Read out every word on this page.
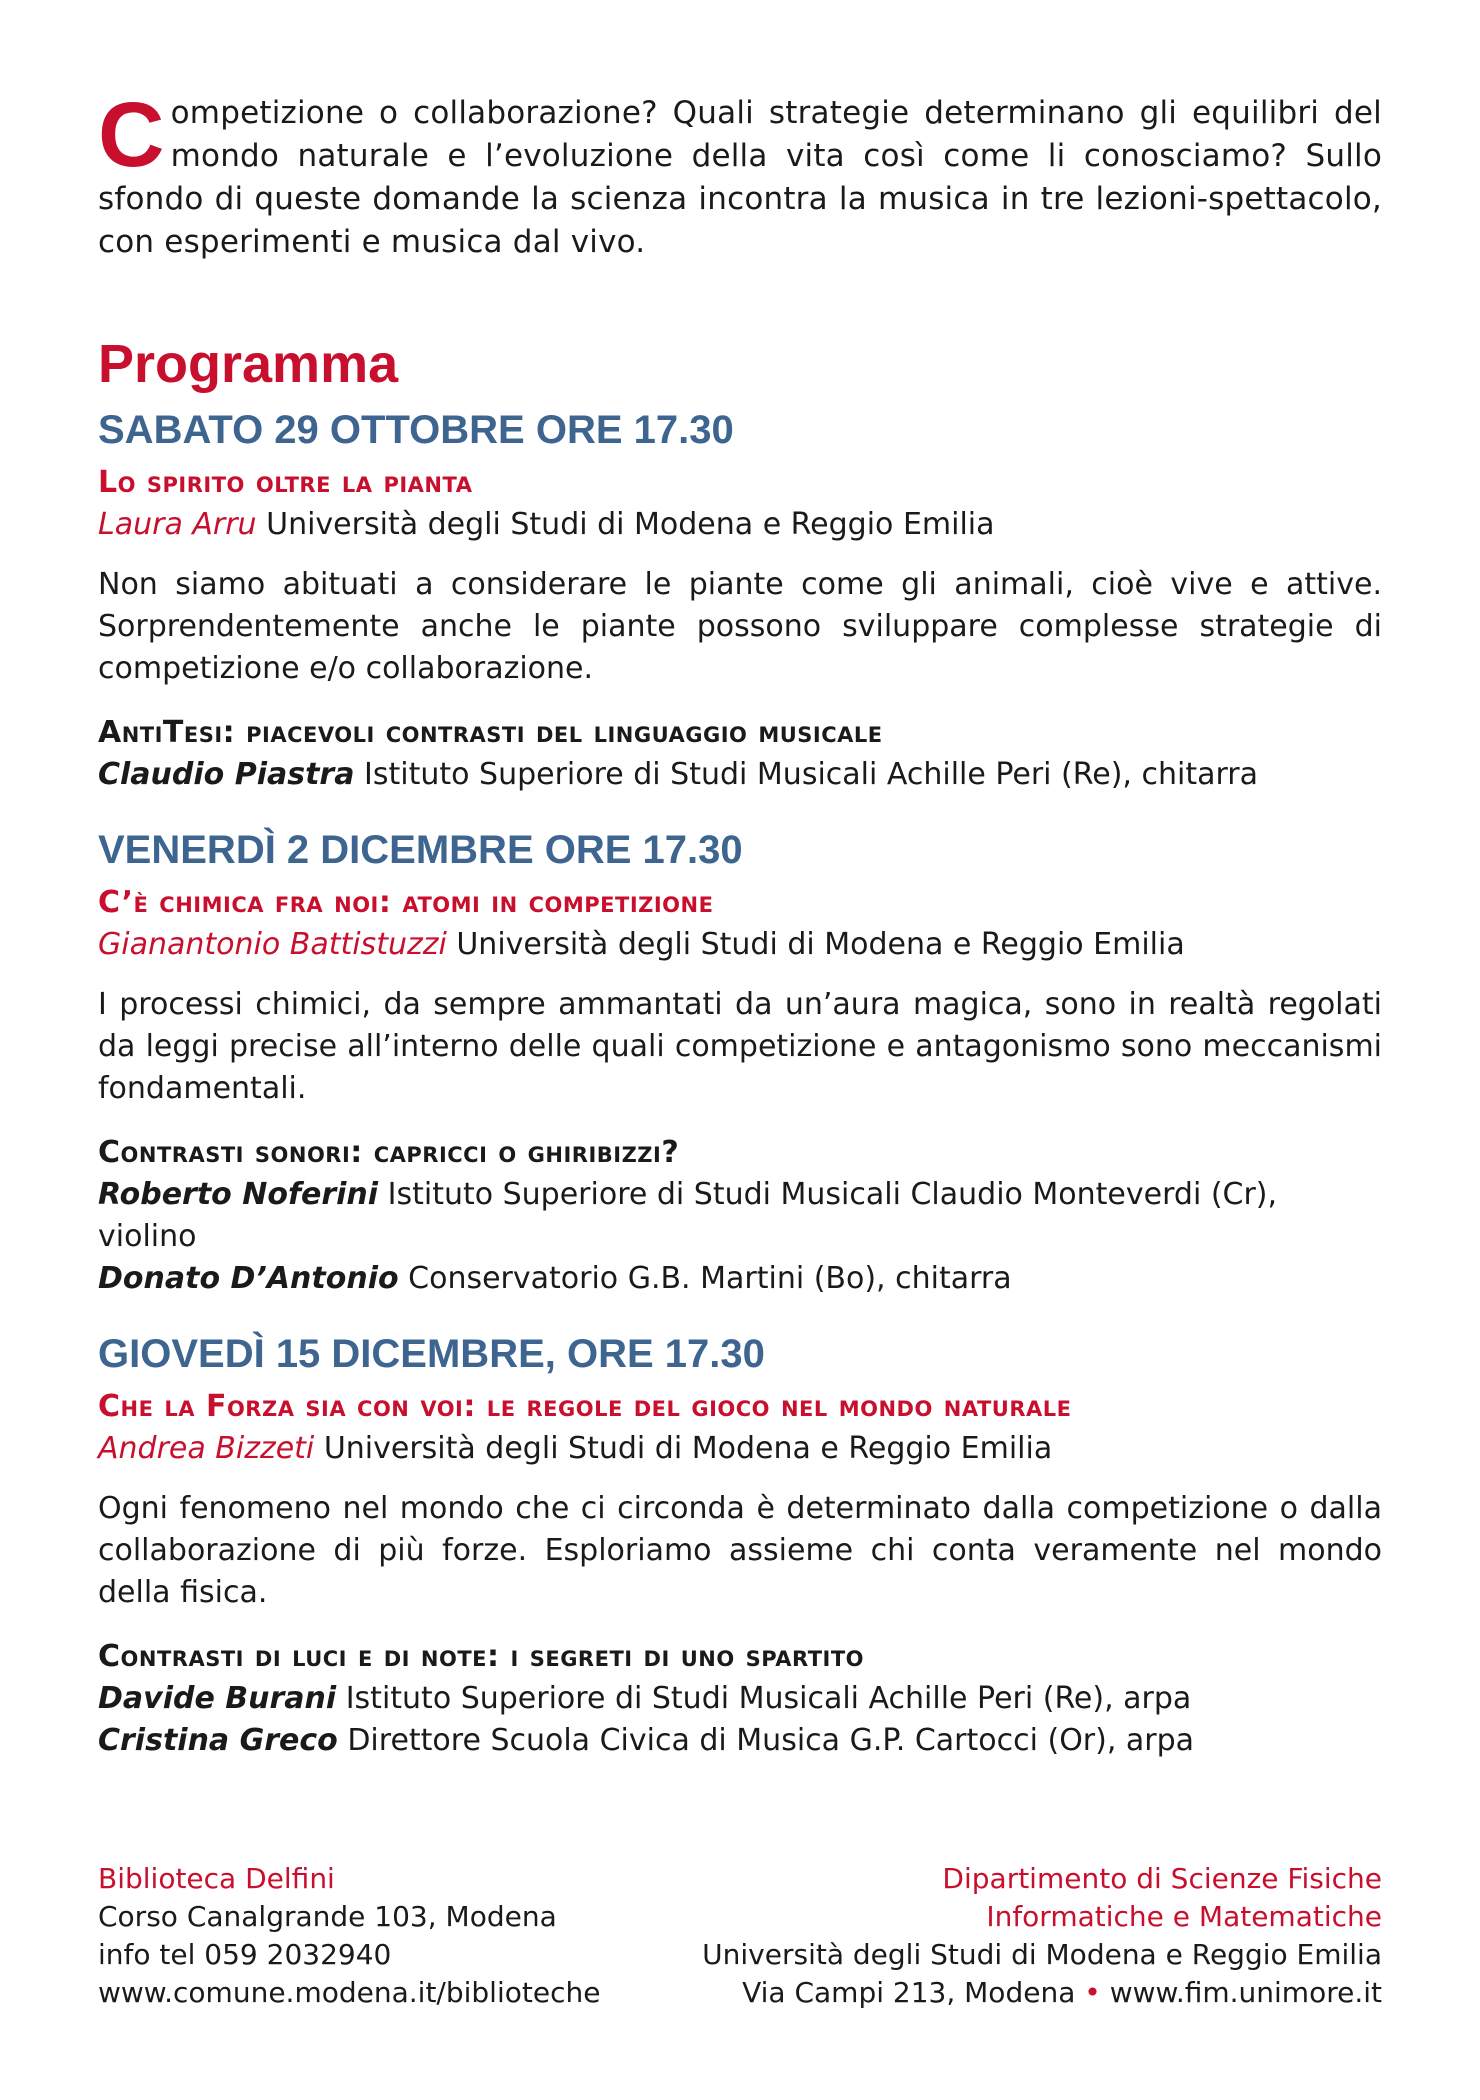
Competizione o collaborazione? Quali strategie determinano gli equilibri del mondo naturale e l’evoluzione della vita così come li conosciamo? Sullo sfondo di queste domande la scienza incontra la musica in tre lezioni-spettacolo, con esperimenti e musica dal vivo.

Programma
SABATO 29 OTTOBRE ORE 17.30
Lo spirito oltre la pianta

Laura Arru Università degli Studi di Modena e Reggio Emilia

Non siamo abituati a considerare le piante come gli animali, cioè vive e attive. Sorprendentemente anche le piante possono sviluppare complesse strategie di competizione e/o collaborazione.

AntiTesi: piacevoli contrasti del linguaggio musicale

Claudio Piastra Istituto Superiore di Studi Musicali Achille Peri (Re), chitarra

VENERDÌ 2 DICEMBRE ORE 17.30
C’è chimica fra noi: atomi in competizione

Gianantonio Battistuzzi Università degli Studi di Modena e Reggio Emilia

I processi chimici, da sempre ammantati da un’aura magica, sono in realtà regolati da leggi precise all’interno delle quali competizione e antagonismo sono meccanismi fondamentali.

Contrasti sonori: capricci o ghiribizzi?

Roberto Noferini Istituto Superiore di Studi Musicali Claudio Monteverdi (Cr), violino

Donato D’Antonio Conservatorio G.B. Martini (Bo), chitarra

GIOVEDÌ 15 DICEMBRE, ORE 17.30
Che la Forza sia con voi: le regole del gioco nel mondo naturale

Andrea Bizzeti Università degli Studi di Modena e Reggio Emilia

Ogni fenomeno nel mondo che ci circonda è determinato dalla competizione o dalla collaborazione di più forze. Esploriamo assieme chi conta veramente nel mondo della fisica.

Contrasti di luci e di note: i segreti di uno spartito

Davide Burani Istituto Superiore di Studi Musicali Achille Peri (Re), arpa

Cristina Greco Direttore Scuola Civica di Musica G.P. Cartocci (Or), arpa

Biblioteca Delfini
Corso Canalgrande 103, Modena
info tel 059 2032940
www.comune.modena.it/biblioteche
Dipartimento di Scienze Fisiche
Informatiche e Matematiche
Università degli Studi di Modena e Reggio Emilia
Via Campi 213, Modena • www.fim.unimore.it
